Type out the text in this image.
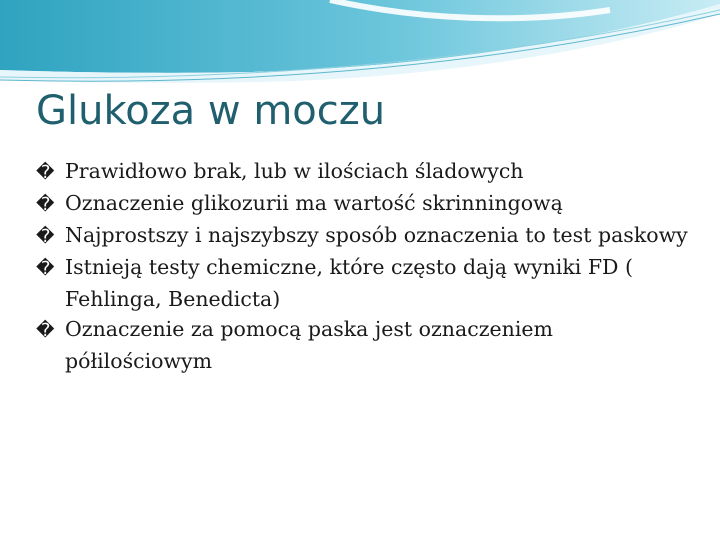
Glukoza w moczu
� Prawidłowo brak, lub w ilościach śladowych
� Oznaczenie glikozurii ma wartość skrinningową
� Najprostszy i najszybszy sposób oznaczenia to test paskowy
� Istnieją testy chemiczne, które często dają wyniki FD ( Fehlinga, Benedicta)
� Oznaczenie za pomocą paska jest oznaczeniem półilościowym
